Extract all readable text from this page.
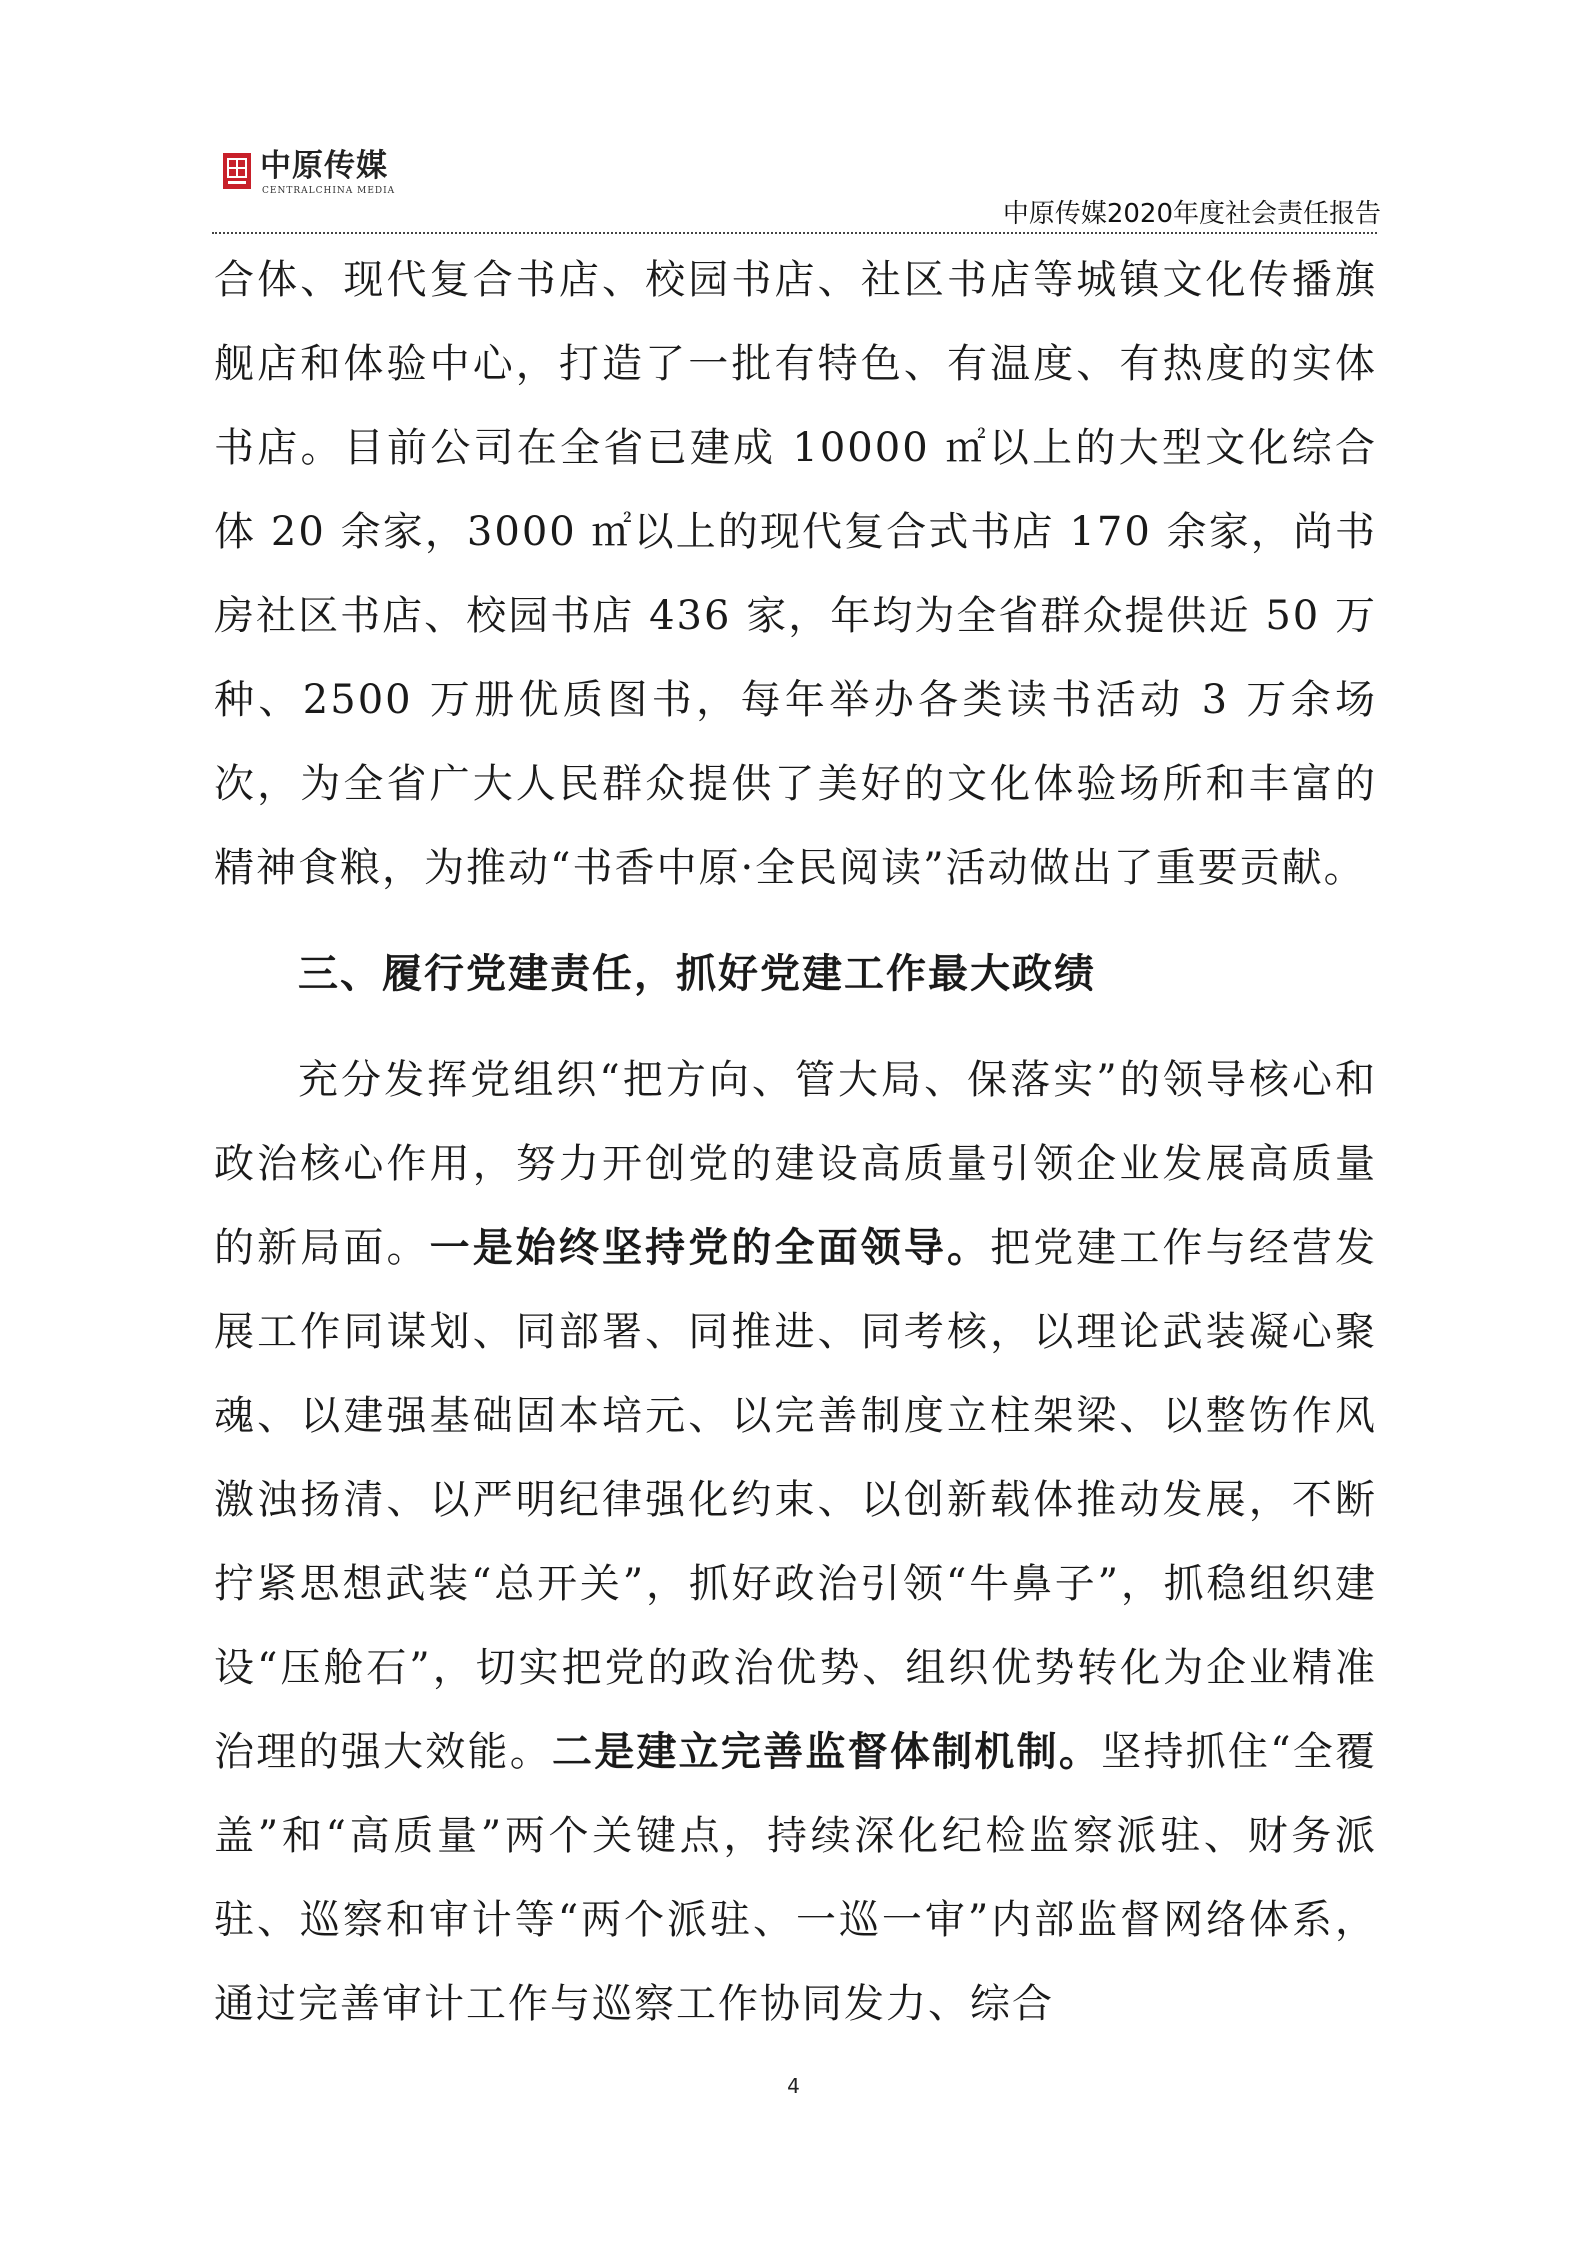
中原传媒
CENTRALCHINA MEDIA
中原传媒2020年度社会责任报告

合体、现代复合书店、校园书店、社区书店等城镇文化传播旗舰店和体验中心，打造了一批有特色、有温度、有热度的实体书店。目前公司在全省已建成 10000 ㎡以上的大型文化综合体 20 余家，3000 ㎡以上的现代复合式书店 170 余家，尚书房社区书店、校园书店 436 家，年均为全省群众提供近 50 万种、2500 万册优质图书，每年举办各类读书活动 3 万余场次，为全省广大人民群众提供了美好的文化体验场所和丰富的精神食粮，为推动“书香中原·全民阅读”活动做出了重要贡献。

三、履行党建责任，抓好党建工作最大政绩

充分发挥党组织“把方向、管大局、保落实”的领导核心和政治核心作用，努力开创党的建设高质量引领企业发展高质量的新局面。一是始终坚持党的全面领导。把党建工作与经营发展工作同谋划、同部署、同推进、同考核，以理论武装凝心聚魂、以建强基础固本培元、以完善制度立柱架梁、以整饬作风激浊扬清、以严明纪律强化约束、以创新载体推动发展，不断拧紧思想武装“总开关”，抓好政治引领“牛鼻子”，抓稳组织建设“压舱石”，切实把党的政治优势、组织优势转化为企业精准治理的强大效能。二是建立完善监督体制机制。坚持抓住“全覆盖”和“高质量”两个关键点，持续深化纪检监察派驻、财务派驻、巡察和审计等“两个派驻、一巡一审”内部监督网络体系，通过完善审计工作与巡察工作协同发力、综合

4
